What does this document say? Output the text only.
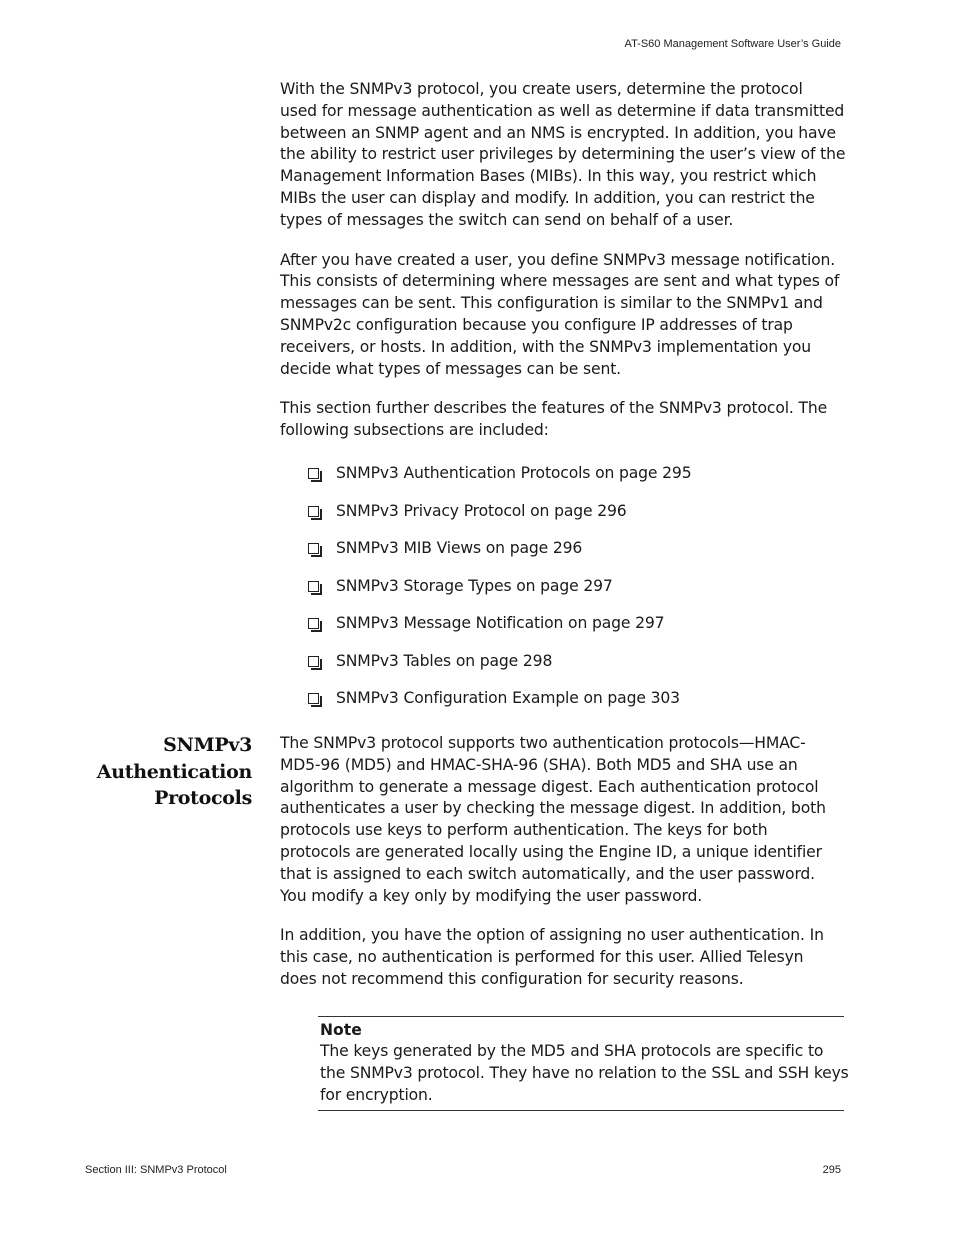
AT-S60 Management Software User’s Guide

With the SNMPv3 protocol, you create users, determine the protocol
used for message authentication as well as determine if data transmitted
between an SNMP agent and an NMS is encrypted. In addition, you have
the ability to restrict user privileges by determining the user’s view of the
Management Information Bases (MIBs). In this way, you restrict which
MIBs the user can display and modify. In addition, you can restrict the
types of messages the switch can send on behalf of a user.

After you have created a user, you define SNMPv3 message notification.
This consists of determining where messages are sent and what types of
messages can be sent. This configuration is similar to the SNMPv1 and
SNMPv2c configuration because you configure IP addresses of trap
receivers, or hosts. In addition, with the SNMPv3 implementation you
decide what types of messages can be sent.

This section further describes the features of the SNMPv3 protocol. The
following subsections are included:

SNMPv3 Authentication Protocols on page 295
SNMPv3 Privacy Protocol on page 296
SNMPv3 MIB Views on page 296
SNMPv3 Storage Types on page 297
SNMPv3 Message Notification on page 297
SNMPv3 Tables on page 298
SNMPv3 Configuration Example on page 303
SNMPv3
Authentication
Protocols

The SNMPv3 protocol supports two authentication protocols—HMAC-
MD5-96 (MD5) and HMAC-SHA-96 (SHA). Both MD5 and SHA use an
algorithm to generate a message digest. Each authentication protocol
authenticates a user by checking the message digest. In addition, both
protocols use keys to perform authentication. The keys for both
protocols are generated locally using the Engine ID, a unique identifier
that is assigned to each switch automatically, and the user password.
You modify a key only by modifying the user password.

In addition, you have the option of assigning no user authentication. In
this case, no authentication is performed for this user. Allied Telesyn
does not recommend this configuration for security reasons.

Note

The keys generated by the MD5 and SHA protocols are specific to
the SNMPv3 protocol. They have no relation to the SSL and SSH keys
for encryption.

Section III: SNMPv3 Protocol	295
